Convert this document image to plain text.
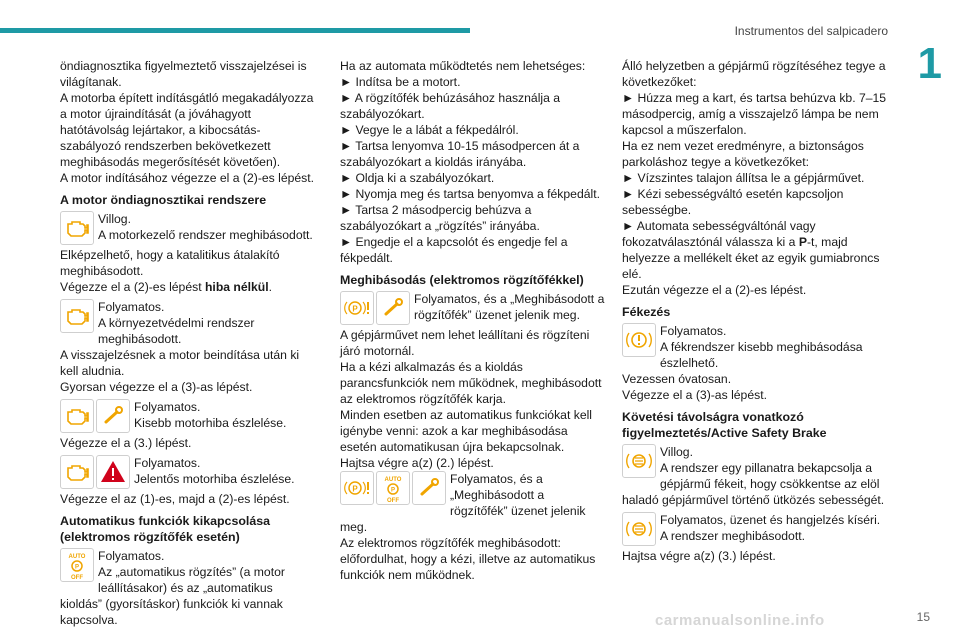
Instrumentos del salpicadero
1

öndiagnosztika figyelmeztető visszajelzései is világítanak.

A motorba épített indításgátló megakadályozza a motor újraindítását (a jóváhagyott hatótávolság lejártakor, a kibocsátás-szabályozó rendszerben bekövetkezett meghibásodás megerősítését követően).

A motor indításához végezze el a (2)-es lépést.

A motor öndiagnosztikai rendszere

Villog.

A motorkezelő rendszer meghibásodott.

Elképzelhető, hogy a katalitikus átalakító meghibásodott.

Végezze el a (2)-es lépést hiba nélkül.

Folyamatos.

A környezetvédelmi rendszer meghibásodott.

A visszajelzésnek a motor beindítása után ki kell aludnia.

Gyorsan végezze el a (3)-as lépést.

Folyamatos.

Kisebb motorhiba észlelése.

Végezze el a (3.) lépést.

Folyamatos.

Jelentős motorhiba észlelése.

Végezze el az (1)-es, majd a (2)-es lépést.

Automatikus funkciók kikapcsolása (elektromos rögzítőfék esetén)
AUTO
P
OFF

Folyamatos.

Az „automatikus rögzítés” (a motor leállításakor) és az „automatikus kioldás” (gyorsításkor) funkciók ki vannak kapcsolva.

Ha az automata működtetés nem lehetséges:

► Indítsa be a motort.

► A rögzítőfék behúzásához használja a szabályozókart.

► Vegye le a lábát a fékpedálról.

► Tartsa lenyomva 10-15 másodpercen át a szabályozókart a kioldás irányába.

► Oldja ki a szabályozókart.

► Nyomja meg és tartsa benyomva a fékpedált.

► Tartsa 2 másodpercig behúzva a szabályozókart a „rögzítés” irányába.

► Engedje el a kapcsolót és engedje fel a fékpedált.

Meghibásodás (elektromos rögzítőfékkel)
P

Folyamatos, és a „Meghibásodott a rögzítőfék” üzenet jelenik meg.

A gépjárművet nem lehet leállítani és rögzíteni járó motornál.

Ha a kézi alkalmazás és a kioldás parancsfunkciók nem működnek, meghibásodott az elektromos rögzítőfék karja.

Minden esetben az automatikus funkciókat kell igénybe venni: azok a kar meghibásodása esetén automatikusan újra bekapcsolnak.

Hajtsa végre a(z) (2.) lépést.

P
AUTO
P
OFF

Folyamatos, és a „Meghibásodott a rögzítőfék” üzenet jelenik meg.

Az elektromos rögzítőfék meghibásodott: előfordulhat, hogy a kézi, illetve az automatikus funkciók nem működnek.

Álló helyzetben a gépjármű rögzítéséhez tegye a következőket:

► Húzza meg a kart, és tartsa behúzva kb. 7–15 másodpercig, amíg a visszajelző lámpa be nem kapcsol a műszerfalon.

Ha ez nem vezet eredményre, a biztonságos parkoláshoz tegye a következőket:

► Vízszintes talajon állítsa le a gépjárművet.

► Kézi sebességváltó esetén kapcsoljon sebességbe.

► Automata sebességváltónál vagy fokozatválasztónál válassza ki a P-t, majd helyezze a mellékelt éket az egyik gumiabroncs elé.

Ezután végezze el a (2)-es lépést.

Fékezés

Folyamatos.

A fékrendszer kisebb meghibásodása észlelhető.

Vezessen óvatosan.

Végezze el a (3)-as lépést.

Követési távolságra vonatkozó figyelmeztetés/Active Safety Brake

Villog.

A rendszer egy pillanatra bekapcsolja a gépjármű fékeit, hogy csökkentse az elöl haladó gépjárművel történő ütközés sebességét.

Folyamatos, üzenet és hangjelzés kíséri.

A rendszer meghibásodott.

Hajtsa végre a(z) (3.) lépést.

carmanualsonline.info	15
